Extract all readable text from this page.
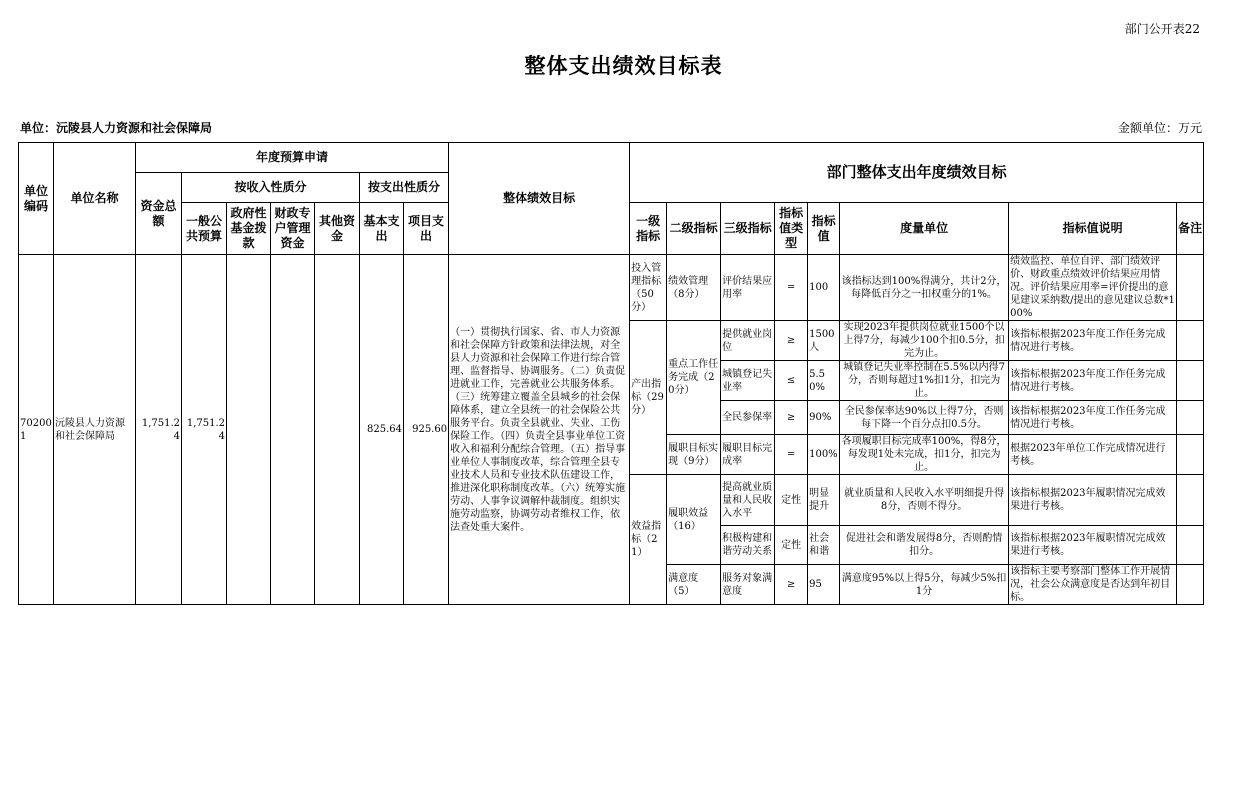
部门公开表22
整体支出绩效目标表
单位：沅陵县人力资源和社会保障局	金额单位：万元
单位编码	单位名称	年度预算申请							整体绩效目标	部门整体支出年度绩效目标							
		资金总额	按收入性质分				按支出性质分										
			一般公共预算	政府性基金拨款	财政专户管理资金	其他资金	基本支出	项目支出		一级指标	二级指标	三级指标	指标值类型	指标值	度量单位	指标值说明	备注
702001	沅陵县人力资源和社会保障局	1,751.24	1,751.24				825.64	925.60	（一）贯彻执行国家、省、市人力资源和社会保障方针政策和法律法规，对全县人力资源和社会保障工作进行综合管理、监督指导、协调服务。（二）负责促进就业工作，完善就业公共服务体系。（三）统筹建立覆盖全县城乡的社会保障体系，建立全县统一的社会保险公共服务平台。负责全县就业、失业、工伤保险工作。（四）负责全县事业单位工资收入和福利分配综合管理。（五）指导事业单位人事制度改革，综合管理全县专业技术人员和专业技术队伍建设工作，推进深化职称制度改革。（六）统筹实施劳动、人事争议调解仲裁制度。组织实施劳动监察，协调劳动者维权工作，依法查处重大案件。	投入管理指标（50分）	绩效管理（8分）	评价结果应用率	=	100	该指标达到100%得满分，共计2分，每降低百分之一扣权重分的1%。	绩效监控、单位自评、部门绩效评价、财政重点绩效评价结果应用情况。评价结果应用率=评价提出的意见建议采纳数/提出的意见建议总数*100%	
										产出指标（29分）	重点工作任务完成（20分）	提供就业岗位	≥	1500人	实现2023年提供岗位就业1500个以上得7分，每减少100个扣0.5分，扣完为止。	该指标根据2023年度工作任务完成情况进行考核。	
												城镇登记失业率	≤	5.50%	城镇登记失业率控制在5.5%以内得7分，否则每超过1%扣1分，扣完为止。	该指标根据2023年度工作任务完成情况进行考核。	
												全民参保率	≥	90%	全民参保率达90%以上得7分，否则每下降一个百分点扣0.5分。	该指标根据2023年度工作任务完成情况进行考核。	
											履职目标实现（9分）	履职目标完成率	=	100%	各项履职目标完成率100%，得8分，每发现1处未完成，扣1分，扣完为止。	根据2023年单位工作完成情况进行考核。	
										效益指标（21）	履职效益（16）	提高就业质量和人民收入水平	定性	明显提升	就业质量和人民收入水平明细提升得8分，否则不得分。	该指标根据2023年履职情况完成效果进行考核。	
												积极构建和谐劳动关系	定性	社会和谐	促进社会和谐发展得8分，否则酌情扣分。	该指标根据2023年履职情况完成效果进行考核。	
											满意度（5）	服务对象满意度	≥	95	满意度95%以上得5分，每减少5%扣1分	该指标主要考察部门整体工作开展情况，社会公众满意度是否达到年初目标。	
